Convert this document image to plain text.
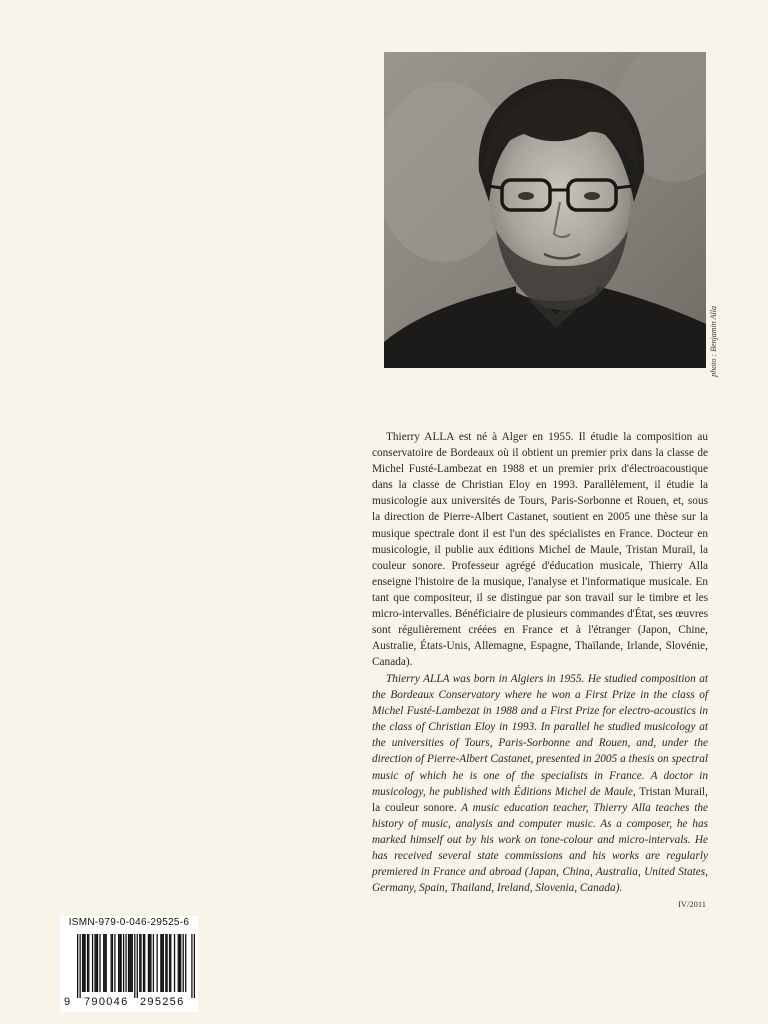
photo : Benjamin Alla

Thierry ALLA est né à Alger en 1955. Il étudie la composition au conservatoire de Bordeaux où il obtient un premier prix dans la classe de Michel Fusté-Lambezat en 1988 et un premier prix d'électroacoustique dans la classe de Christian Eloy en 1993. Parallèlement, il étudie la musicologie aux universités de Tours, Paris-Sorbonne et Rouen, et, sous la direction de Pierre-Albert Castanet, soutient en 2005 une thèse sur la musique spectrale dont il est l'un des spécialistes en France. Docteur en musicologie, il publie aux éditions Michel de Maule, Tristan Murail, la couleur sonore. Professeur agrégé d'éducation musicale, Thierry Alla enseigne l'histoire de la musique, l'analyse et l'informatique musicale. En tant que compositeur, il se distingue par son travail sur le timbre et les micro-intervalles. Bénéficiaire de plusieurs commandes d'État, ses œuvres sont régulièrement créées en France et à l'étranger (Japon, Chine, Australie, États-Unis, Allemagne, Espagne, Thaïlande, Irlande, Slovénie, Canada).

Thierry ALLA was born in Algiers in 1955. He studied composition at the Bordeaux Conservatory where he won a First Prize in the class of Michel Fusté-Lambezat in 1988 and a First Prize for electro-acoustics in the class of Christian Eloy in 1993. In parallel he studied musicology at the universities of Tours, Paris-Sorbonne and Rouen, and, under the direction of Pierre-Albert Castanet, presented in 2005 a thesis on spectral music of which he is one of the specialists in France. A doctor in musicology, he published with Éditions Michel de Maule, Tristan Murail, la couleur sonore. A music education teacher, Thierry Alla teaches the history of music, analysis and computer music. As a composer, he has marked himself out by his work on tone-colour and micro-intervals. He has received several state commissions and his works are regularly premiered in France and abroad (Japan, China, Australia, United States, Germany, Spain, Thailand, Ireland, Slovenia, Canada).

IV/2011
ISMN-979-0-046-29525-6
9 790046 295256
